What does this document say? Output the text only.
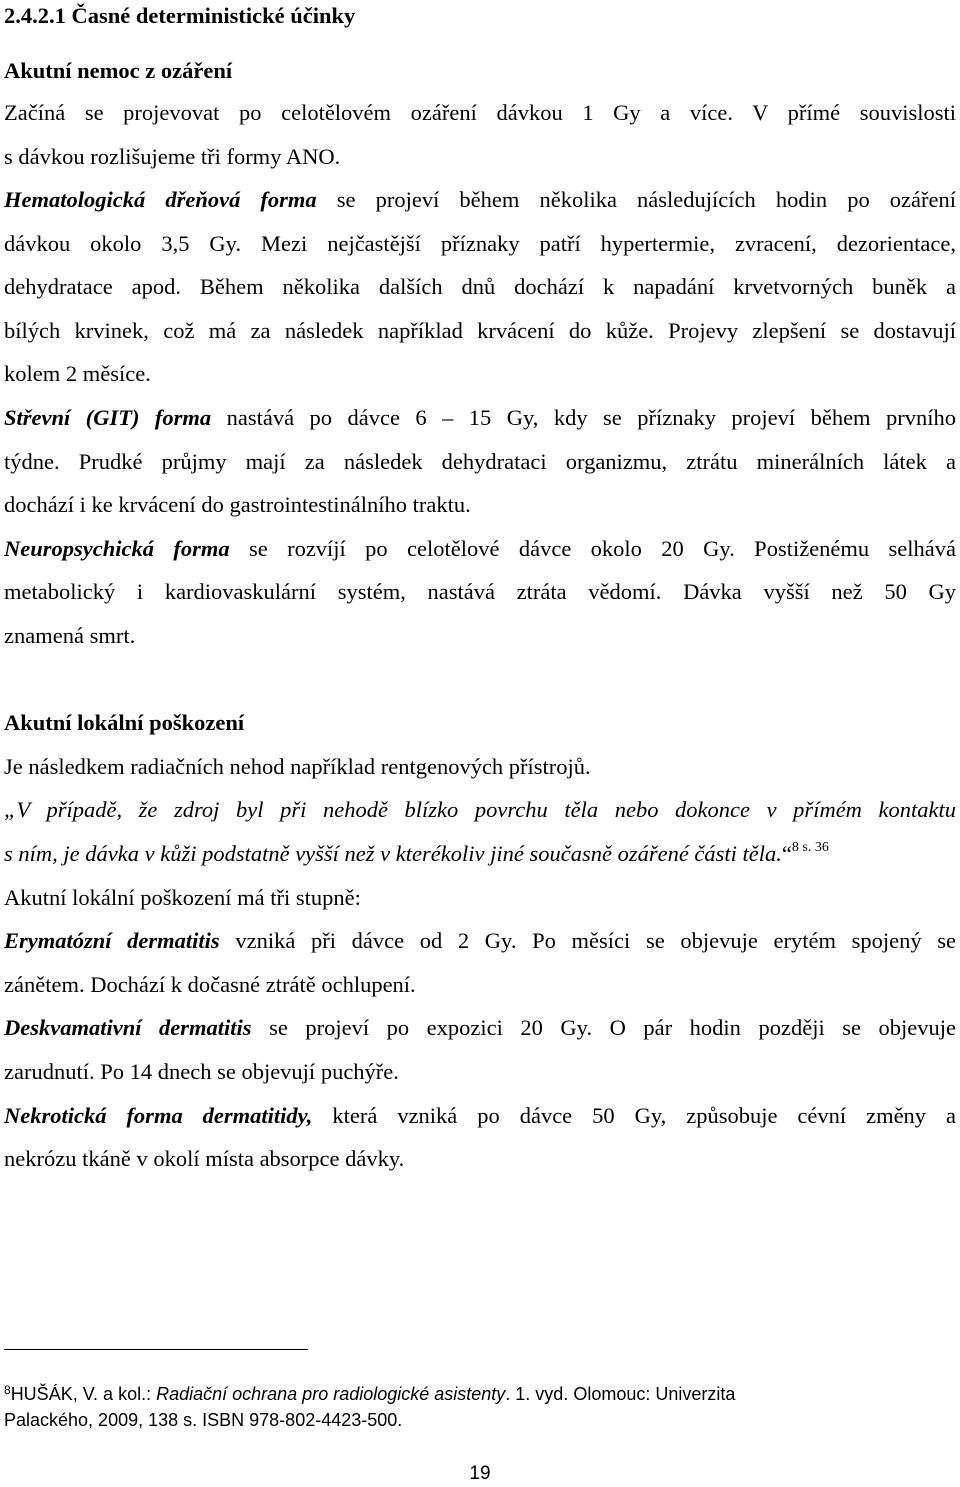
2.4.2.1 Časné deterministické účinky
Akutní nemoc z ozáření
Začíná se projevovat po celotělovém ozáření dávkou 1 Gy a více. V přímé souvislosti
s dávkou rozlišujeme tři formy ANO.
Hematologická dřeňová forma se projeví během několika následujících hodin po ozáření
dávkou okolo 3,5 Gy. Mezi nejčastější příznaky patří hypertermie, zvracení, dezorientace,
dehydratace apod. Během několika dalších dnů dochází k napadání krvetvorných buněk a
bílých krvinek, což má za následek například krvácení do kůže. Projevy zlepšení se dostavují
kolem 2 měsíce.
Střevní (GIT) forma nastává po dávce 6 – 15 Gy, kdy se příznaky projeví během prvního
týdne. Prudké průjmy mají za následek dehydrataci organizmu, ztrátu minerálních látek a
dochází i ke krvácení do gastrointestinálního traktu.
Neuropsychická forma se rozvíjí po celotělové dávce okolo 20 Gy. Postiženému selhává
metabolický i kardiovaskulární systém, nastává ztráta vědomí. Dávka vyšší než 50 Gy
znamená smrt.
Akutní lokální poškození
Je následkem radiačních nehod například rentgenových přístrojů.
„V případě, že zdroj byl při nehodě blízko povrchu těla nebo dokonce v přímém kontaktu
s ním, je dávka v kůži podstatně vyšší než v kterékoliv jiné současně ozářené části těla.“$^{8 s. 36}$
Akutní lokální poškození má tři stupně:
Erymatózní dermatitis vzniká při dávce od 2 Gy. Po měsíci se objevuje erytém spojený se
zánětem. Dochází k dočasné ztrátě ochlupení.
Deskvamativní dermatitis se projeví po expozici 20 Gy. O pár hodin později se objevuje
zarudnutí. Po 14 dnech se objevují puchýře.
Nekrotická forma dermatitidy, která vzniká po dávce 50 Gy, způsobuje cévní změny a
nekrózu tkáně v okolí místa absorpce dávky.
$^8$HUŠÁK, V. a kol.: Radiační ochrana pro radiologické asistenty. 1. vyd. Olomouc: Univerzita
Palackého, 2009, 138 s. ISBN 978-802-4423-500.
19
